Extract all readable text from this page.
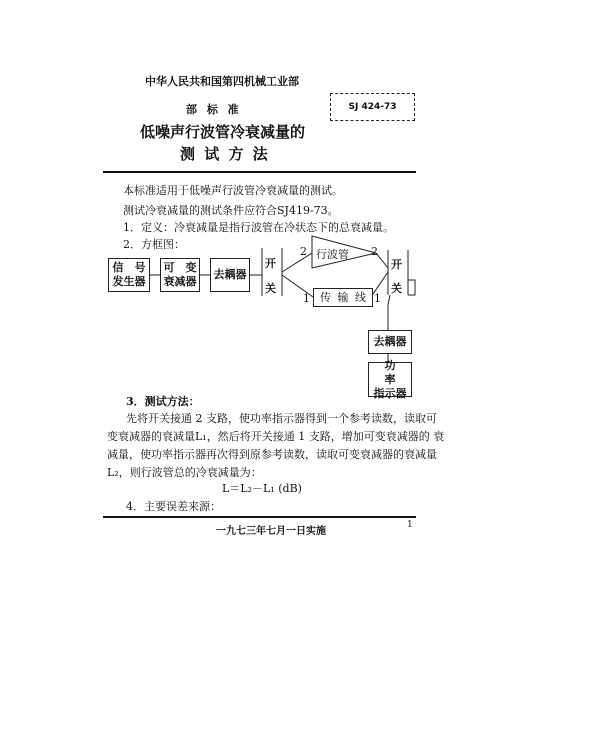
中华人民共和国第四机械工业部
部 标 准
低噪声行波管冷衰减量的
测 试 方 法
SJ 424-73
本标准适用于低噪声行波管冷衰减量的测试。
测试冷衰减量的测试条件应符合SJ419-73。
1．定义：冷衰减量是指行波管在冷状态下的总衰减量。
2．方框图：
信　号
发生器
可　变
衰减器
去耦器
开
关
2 行波管 2
1 传 输 线 1
开
关
去耦器
功　　率
指示器
3．测试方法：
先将开关接通 2 支路，使功率指示器得到一个参考读数，读取可
变衰减器的衰减量L₁，然后将开关接通 1 支路，增加可变衰减器的 衰
减量，使功率指示器再次得到原参考读数，读取可变衰减器的衰减量
L₂，则行波管总的冷衰减量为：
L＝L₂－L₁ (dB)
4．主要误差来源：
一九七三年七月一日实施
1
